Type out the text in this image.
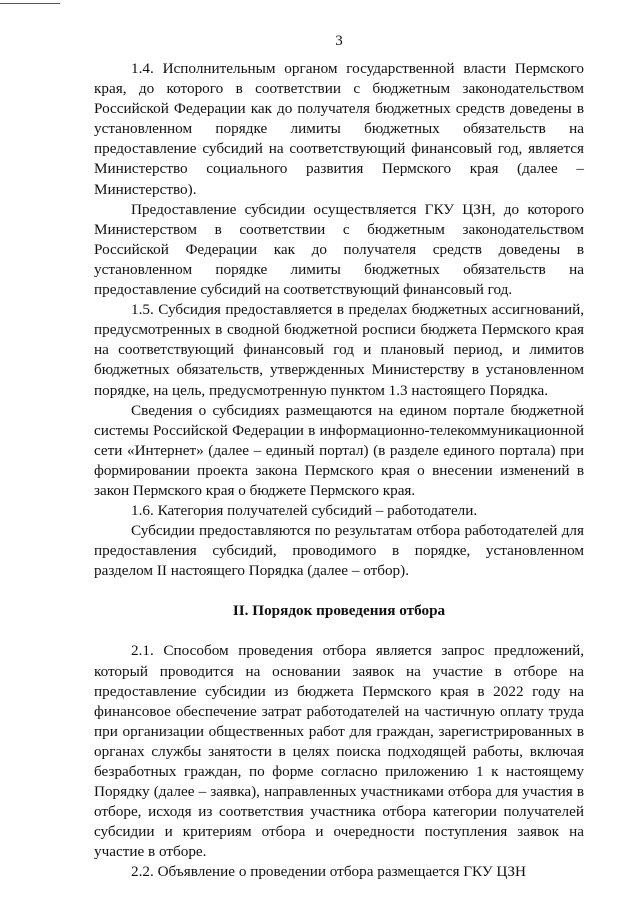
3

1.4. Исполнительным органом государственной власти Пермского края, до которого в соответствии с бюджетным законодательством Российской Федерации как до получателя бюджетных средств доведены в установленном порядке лимиты бюджетных обязательств на предоставление субсидий на соответствующий финансовый год, является Министерство социального развития Пермского края (далее – Министерство).

Предоставление субсидии осуществляется ГКУ ЦЗН, до которого Министерством в соответствии с бюджетным законодательством Российской Федерации как до получателя средств доведены в установленном порядке лимиты бюджетных обязательств на предоставление субсидий на соответствующий финансовый год.

1.5. Субсидия предоставляется в пределах бюджетных ассигнований, предусмотренных в сводной бюджетной росписи бюджета Пермского края на соответствующий финансовый год и плановый период, и лимитов бюджетных обязательств, утвержденных Министерству в установленном порядке, на цель, предусмотренную пунктом 1.3 настоящего Порядка.

Сведения о субсидиях размещаются на едином портале бюджетной системы Российской Федерации в информационно-телекоммуникационной сети «Интернет» (далее – единый портал) (в разделе единого портала) при формировании проекта закона Пермского края о внесении изменений в закон Пермского края о бюджете Пермского края.

1.6. Категория получателей субсидий – работодатели.

Субсидии предоставляются по результатам отбора работодателей для предоставления субсидий, проводимого в порядке, установленном разделом II настоящего Порядка (далее – отбор).

II. Порядок проведения отбора

2.1. Способом проведения отбора является запрос предложений, который проводится на основании заявок на участие в отборе на предоставление субсидии из бюджета Пермского края в 2022 году на финансовое обеспечение затрат работодателей на частичную оплату труда при организации общественных работ для граждан, зарегистрированных в органах службы занятости в целях поиска подходящей работы, включая безработных граждан, по форме согласно приложению 1 к настоящему Порядку (далее – заявка), направленных участниками отбора для участия в отборе, исходя из соответствия участника отбора категории получателей субсидии и критериям отбора и очередности поступления заявок на участие в отборе.

2.2. Объявление о проведении отбора размещается ГКУ ЦЗН
